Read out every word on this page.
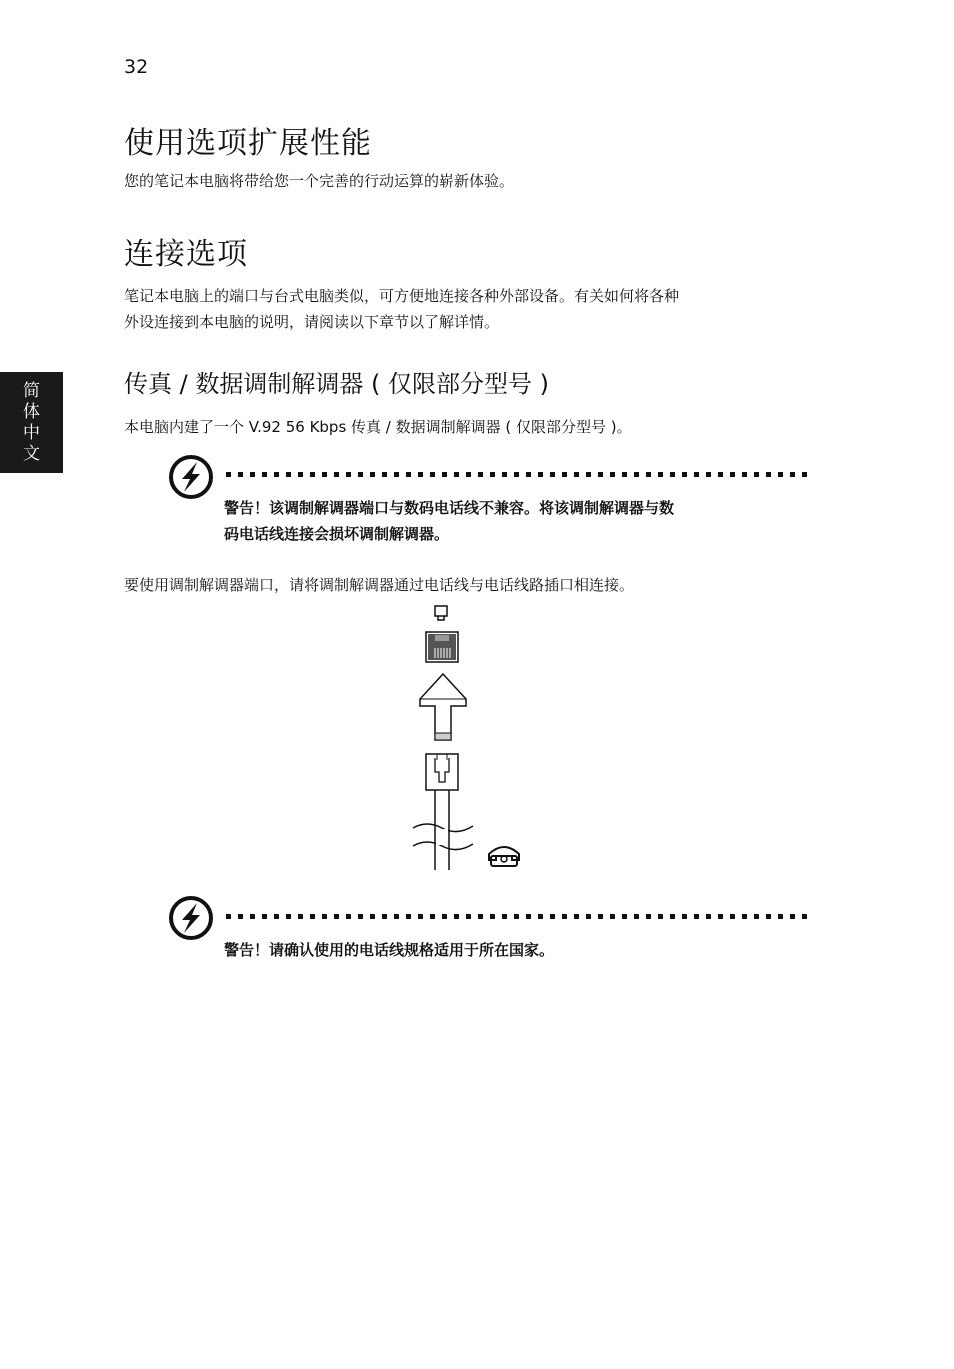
32
简体中文
使用选项扩展性能
您的笔记本电脑将带给您一个完善的行动运算的崭新体验。
连接选项
笔记本电脑上的端口与台式电脑类似，可方便地连接各种外部设备。有关如何将各种
外设连接到本电脑的说明，请阅读以下章节以了解详情。
传真 / 数据调制解调器 ( 仅限部分型号 )
本电脑内建了一个 V.92 56 Kbps 传真 / 数据调制解调器 ( 仅限部分型号 )。
警告！该调制解调器端口与数码电话线不兼容。将该调制解调器与数
码电话线连接会损坏调制解调器。
要使用调制解调器端口，请将调制解调器通过电话线与电话线路插口相连接。
警告！请确认使用的电话线规格适用于所在国家。
